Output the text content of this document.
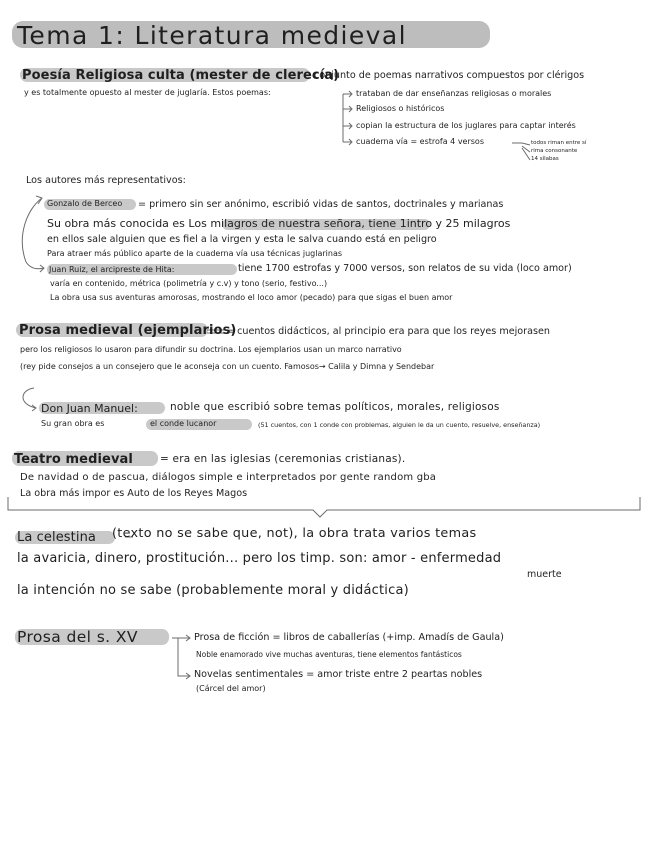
Tema 1: Literatura medieval
Poesía Religiosa culta (mester de clerecía)
conjunto de poemas narrativos compuestos por clérigos
y es totalmente opuesto al mester de juglaría. Estos poemas:	trataban de dar enseñanzas religiosas o morales
Religiosos o históricos
copian la estructura de los juglares para captar interés
cuaderna vía = estrofa 4 versos	todos riman entre sí
rima consonante
14 sílabas
Los autores más representativos:
Gonzalo de Berceo = primero sin ser anónimo, escribió vidas de santos, doctrinales y marianas
Su obra más conocida es Los milagros de nuestra señora, tiene 1intro y 25 milagros
en ellos sale alguien que es fiel a la virgen y esta le salva cuando está en peligro
Para atraer más público aparte de la cuaderna vía usa técnicas juglarinas
Juan Ruiz, el arcipreste de Hita:	tiene 1700 estrofas y 7000 versos, son relatos de su vida (loco amor)
varía en contenido, métrica (polimetría y c.v) y tono (serio, festivo...)
La obra usa sus aventuras amorosas, mostrando el loco amor (pecado) para que sigas el buen amor
Prosa medieval (ejemplarios)
= cuentos didácticos, al principio era para que los reyes mejorasen
pero los religiosos lo usaron para difundir su doctrina. Los ejemplarios usan un marco narrativo
(rey pide consejos a un consejero que le aconseja con un cuento. Famosos→ Calila y Dimna y Sendebar
Don Juan Manuel:	noble que escribió sobre temas políticos, morales, religiosos
Su gran obra es	el conde lucanor	(51 cuentos, con 1 conde con problemas, alguien le da un cuento, resuelve, enseñanza)
Teatro medieval	= era en las iglesias (ceremonias cristianas).
De navidad o de pascua, diálogos simple e interpretados por gente random gba
La obra más impor es Auto de los Reyes Magos
La celestina (texto no se sabe que, not), la obra trata varios temas
la avaricia, dinero, prostitución... pero los timp. son: amor - enfermedad
muerte
la intención no se sabe (probablemente moral y didáctica)
Prosa del s. XV	Prosa de ficción = libros de caballerías (+imp. Amadís de Gaula)
Noble enamorado vive muchas aventuras, tiene elementos fantásticos
Novelas sentimentales = amor triste entre 2 peartas nobles
(Cárcel del amor)
